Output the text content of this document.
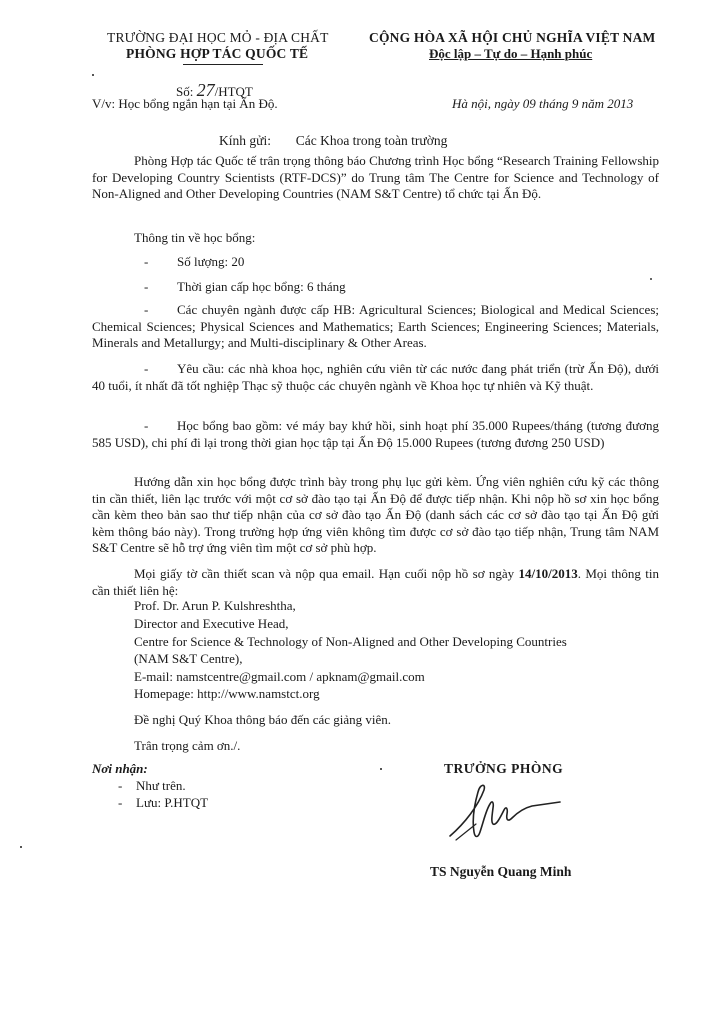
TRƯỜNG ĐẠI HỌC MỎ - ĐỊA CHẤT
PHÒNG HỢP TÁC QUỐC TẾ
CỘNG HÒA XÃ HỘI CHỦ NGHĨA VIỆT NAM
Độc lập – Tự do – Hạnh phúc
Số: 27/HTQT
V/v: Học bổng ngắn hạn tại Ấn Độ.	Hà nội, ngày 09 tháng 9 năm 2013
Kính gửi: Các Khoa trong toàn trường
Phòng Hợp tác Quốc tế trân trọng thông báo Chương trình Học bổng “Research Training Fellowship for Developing Country Scientists (RTF-DCS)” do Trung tâm The Centre for Science and Technology of Non-Aligned and Other Developing Countries (NAM S&T Centre) tổ chức tại Ấn Độ.
Thông tin về học bổng:
- Số lượng: 20
- Thời gian cấp học bổng: 6 tháng
-	Các chuyên ngành được cấp HB: Agricultural Sciences; Biological and Medical Sciences; Chemical Sciences; Physical Sciences and Mathematics; Earth Sciences; Engineering Sciences; Materials, Minerals and Metallurgy; and Multi-disciplinary & Other Areas.
-	Yêu cầu: các nhà khoa học, nghiên cứu viên từ các nước đang phát triển (trừ Ấn Độ), dưới 40 tuổi, ít nhất đã tốt nghiệp Thạc sỹ thuộc các chuyên ngành về Khoa học tự nhiên và Kỹ thuật.
-	Học bổng bao gồm: vé máy bay khứ hồi, sinh hoạt phí 35.000 Rupees/tháng (tương đương 585 USD), chi phí đi lại trong thời gian học tập tại Ấn Độ 15.000 Rupees (tương đương 250 USD)
Hướng dẫn xin học bổng được trình bày trong phụ lục gửi kèm. Ứng viên nghiên cứu kỹ các thông tin cần thiết, liên lạc trước với một cơ sở đào tạo tại Ấn Độ để được tiếp nhận. Khi nộp hồ sơ xin học bổng cần kèm theo bản sao thư tiếp nhận của cơ sở đào tạo Ấn Độ (danh sách các cơ sở đào tạo tại Ấn Độ gửi kèm thông báo này). Trong trường hợp ứng viên không tìm được cơ sở đào tạo tiếp nhận, Trung tâm NAM S&T Centre sẽ hỗ trợ ứng viên tìm một cơ sở phù hợp.
Mọi giấy tờ cần thiết scan và nộp qua email. Hạn cuối nộp hồ sơ ngày 14/10/2013. Mọi thông tin cần thiết liên hệ:
Prof. Dr. Arun P. Kulshreshtha,
Director and Executive Head,
Centre for Science & Technology of Non-Aligned and Other Developing Countries
(NAM S&T Centre),
E-mail: namstcentre@gmail.com / apknam@gmail.com
Homepage: http://www.namstct.org
Đề nghị Quý Khoa thông báo đến các giảng viên.
Trân trọng cảm ơn./.
Nơi nhận:
- Như trên.
- Lưu: P.HTQT
TRƯỞNG PHÒNG
TS Nguyễn Quang Minh
